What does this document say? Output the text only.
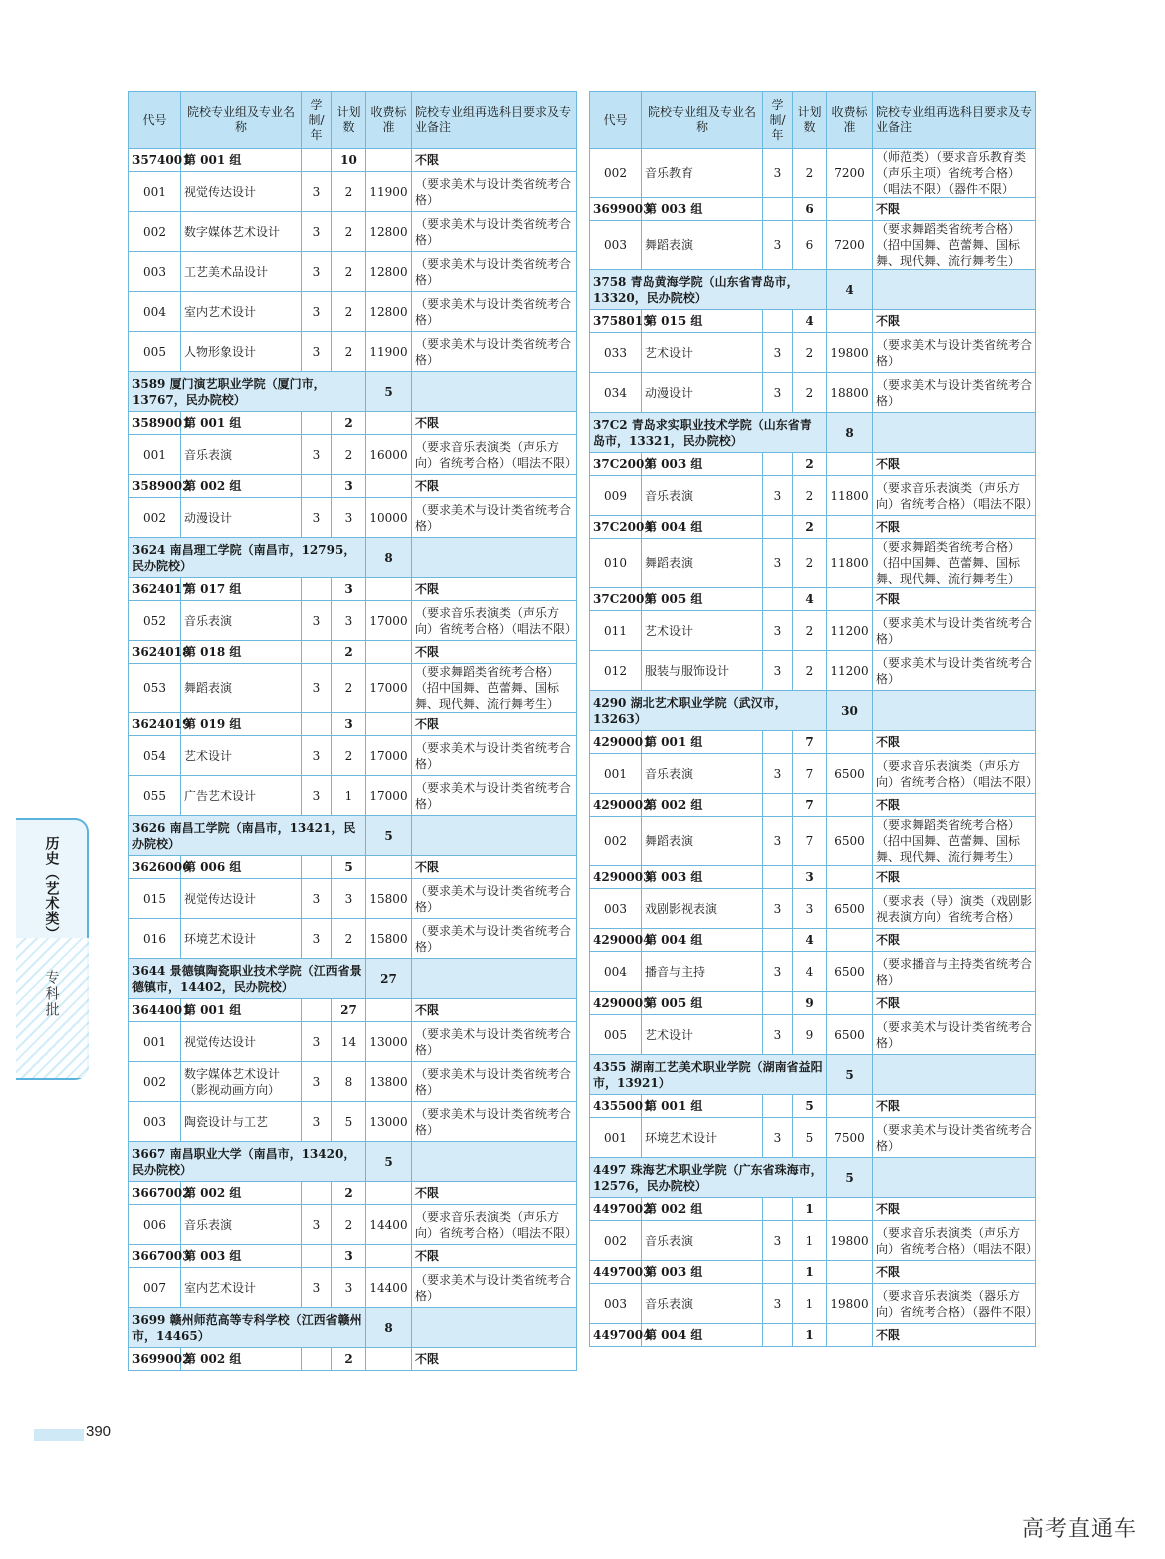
代号	院校专业组及专业名称	学制/年	计划数	收费标准	院校专业组再选科目要求及专业备注
3574001	第 001 组		10		不限
001	视觉传达设计	3	2	11900	（要求美术与设计类省统考合格）
002	数字媒体艺术设计	3	2	12800	（要求美术与设计类省统考合格）
003	工艺美术品设计	3	2	12800	（要求美术与设计类省统考合格）
004	室内艺术设计	3	2	12800	（要求美术与设计类省统考合格）
005	人物形象设计	3	2	11900	（要求美术与设计类省统考合格）
3589 厦门演艺职业学院（厦门市，13767，民办院校）				5	
3589001	第 001 组		2		不限
001	音乐表演	3	2	16000	（要求音乐表演类（声乐方向）省统考合格）（唱法不限）
3589002	第 002 组		3		不限
002	动漫设计	3	3	10000	（要求美术与设计类省统考合格）
3624 南昌理工学院（南昌市，12795，民办院校）				8	
3624017	第 017 组		3		不限
052	音乐表演	3	3	17000	（要求音乐表演类（声乐方向）省统考合格）（唱法不限）
3624018	第 018 组		2		不限
053	舞蹈表演	3	2	17000	（要求舞蹈类省统考合格）（招中国舞、芭蕾舞、国标舞、现代舞、流行舞考生）
3624019	第 019 组		3		不限
054	艺术设计	3	2	17000	（要求美术与设计类省统考合格）
055	广告艺术设计	3	1	17000	（要求美术与设计类省统考合格）
3626 南昌工学院（南昌市，13421，民办院校）				5	
3626006	第 006 组		5		不限
015	视觉传达设计	3	3	15800	（要求美术与设计类省统考合格）
016	环境艺术设计	3	2	15800	（要求美术与设计类省统考合格）
3644 景德镇陶瓷职业技术学院（江西省景德镇市，14402，民办院校）				27	
3644001	第 001 组		27		不限
001	视觉传达设计	3	14	13000	（要求美术与设计类省统考合格）
002	数字媒体艺术设计（影视动画方向）	3	8	13800	（要求美术与设计类省统考合格）
003	陶瓷设计与工艺	3	5	13000	（要求美术与设计类省统考合格）
3667 南昌职业大学（南昌市，13420，民办院校）				5	
3667002	第 002 组		2		不限
006	音乐表演	3	2	14400	（要求音乐表演类（声乐方向）省统考合格）（唱法不限）
3667003	第 003 组		3		不限
007	室内艺术设计	3	3	14400	（要求美术与设计类省统考合格）
3699 赣州师范高等专科学校（江西省赣州市，14465）				8	
3699002	第 002 组		2		不限
代号	院校专业组及专业名称	学制/年	计划数	收费标准	院校专业组再选科目要求及专业备注
002	音乐教育	3	2	7200	（师范类）（要求音乐教育类（声乐主项）省统考合格）（唱法不限）（器件不限）
3699003	第 003 组		6		不限
003	舞蹈表演	3	6	7200	（要求舞蹈类省统考合格）（招中国舞、芭蕾舞、国标舞、现代舞、流行舞考生）
3758 青岛黄海学院（山东省青岛市，13320，民办院校）				4	
3758015	第 015 组		4		不限
033	艺术设计	3	2	19800	（要求美术与设计类省统考合格）
034	动漫设计	3	2	18800	（要求美术与设计类省统考合格）
37C2 青岛求实职业技术学院（山东省青岛市，13321，民办院校）				8	
37C2003	第 003 组		2		不限
009	音乐表演	3	2	11800	（要求音乐表演类（声乐方向）省统考合格）（唱法不限）
37C2004	第 004 组		2		不限
010	舞蹈表演	3	2	11800	（要求舞蹈类省统考合格）（招中国舞、芭蕾舞、国标舞、现代舞、流行舞考生）
37C2005	第 005 组		4		不限
011	艺术设计	3	2	11200	（要求美术与设计类省统考合格）
012	服装与服饰设计	3	2	11200	（要求美术与设计类省统考合格）
4290 湖北艺术职业学院（武汉市，13263）				30	
4290001	第 001 组		7		不限
001	音乐表演	3	7	6500	（要求音乐表演类（声乐方向）省统考合格）（唱法不限）
4290002	第 002 组		7		不限
002	舞蹈表演	3	7	6500	（要求舞蹈类省统考合格）（招中国舞、芭蕾舞、国标舞、现代舞、流行舞考生）
4290003	第 003 组		3		不限
003	戏剧影视表演	3	3	6500	（要求表（导）演类（戏剧影视表演方向）省统考合格）
4290004	第 004 组		4		不限
004	播音与主持	3	4	6500	（要求播音与主持类省统考合格）
4290005	第 005 组		9		不限
005	艺术设计	3	9	6500	（要求美术与设计类省统考合格）
4355 湖南工艺美术职业学院（湖南省益阳市，13921）				5	
4355001	第 001 组		5		不限
001	环境艺术设计	3	5	7500	（要求美术与设计类省统考合格）
4497 珠海艺术职业学院（广东省珠海市，12576，民办院校）				5	
4497002	第 002 组		1		不限
002	音乐表演	3	1	19800	（要求音乐表演类（声乐方向）省统考合格）（唱法不限）
4497003	第 003 组		1		不限
003	音乐表演	3	1	19800	（要求音乐表演类（器乐方向）省统考合格）（器件不限）
4497004	第 004 组		1		不限
历史（艺术类）
专科批
390
高考直通车
